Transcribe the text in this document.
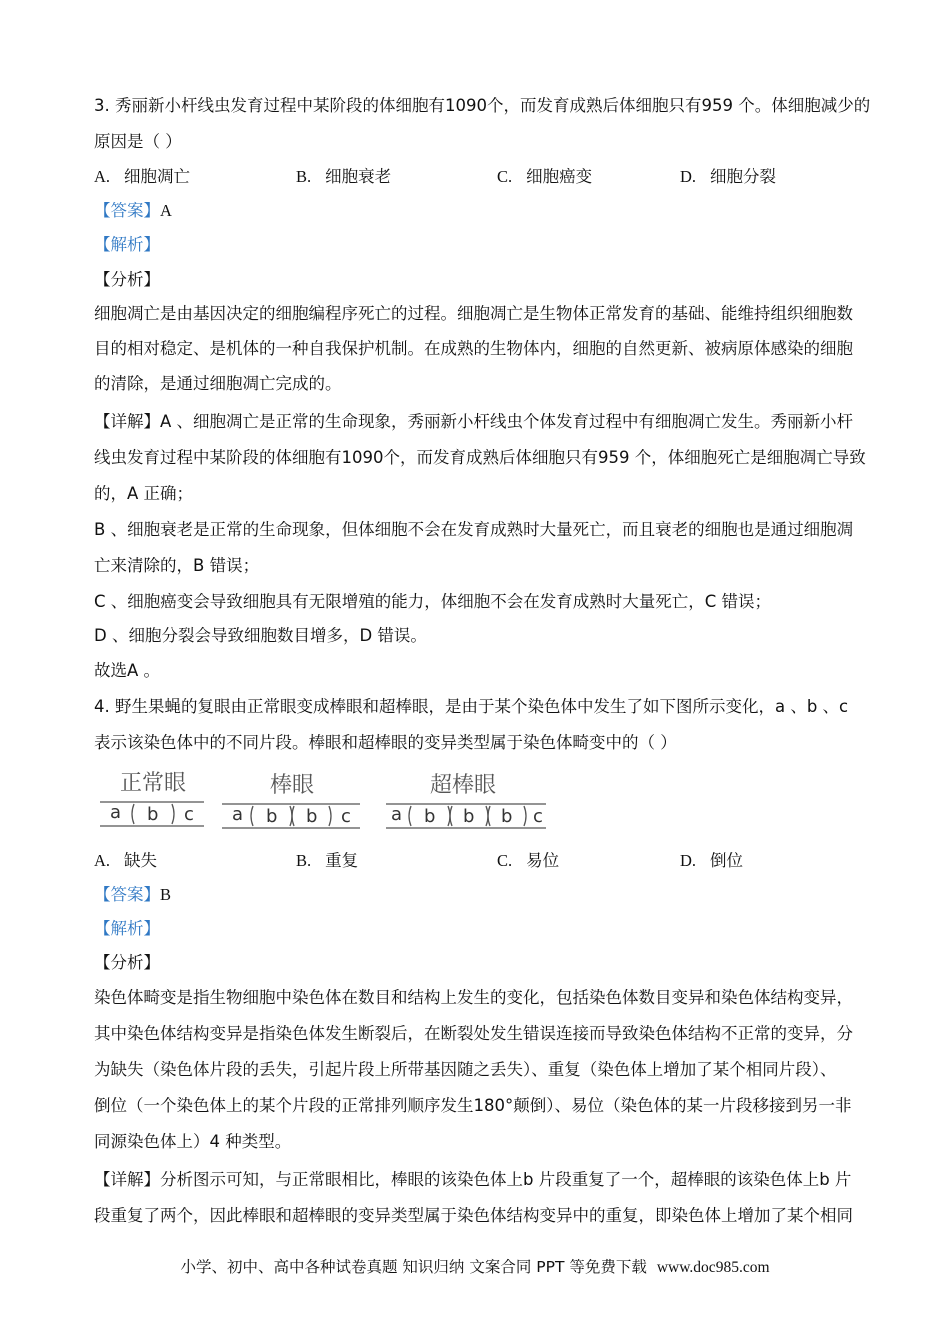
3. 秀丽新小杆线虫发育过程中某阶段的体细胞有1090个，而发育成熟后体细胞只有959 个。体细胞减少的
原因是（ ）
A. 细胞凋亡	B. 细胞衰老	C. 细胞癌变	D. 细胞分裂
【答案】A
【解析】
【分析】
细胞凋亡是由基因决定的细胞编程序死亡的过程。细胞凋亡是生物体正常发育的基础、能维持组织细胞数
目的相对稳定、是机体的一种自我保护机制。在成熟的生物体内，细胞的自然更新、被病原体感染的细胞
的清除，是通过细胞凋亡完成的。
【详解】A 、细胞凋亡是正常的生命现象，秀丽新小杆线虫个体发育过程中有细胞凋亡发生。秀丽新小杆
线虫发育过程中某阶段的体细胞有1090个，而发育成熟后体细胞只有959 个，体细胞死亡是细胞凋亡导致
的，A 正确；
B 、细胞衰老是正常的生命现象，但体细胞不会在发育成熟时大量死亡，而且衰老的细胞也是通过细胞凋
亡来清除的，B 错误；
C 、细胞癌变会导致细胞具有无限增殖的能力，体细胞不会在发育成熟时大量死亡，C 错误；
D 、细胞分裂会导致细胞数目增多，D 错误。
故选A 。
4. 野生果蝇的复眼由正常眼变成棒眼和超棒眼，是由于某个染色体中发生了如下图所示变化，a 、b 、c
表示该染色体中的不同片段。棒眼和超棒眼的变异类型属于染色体畸变中的（ ）
正常眼	棒眼	超棒眼
a b c a b b c a b b b c
A. 缺失	B. 重复	C. 易位	D. 倒位
【答案】B
【解析】
【分析】
染色体畸变是指生物细胞中染色体在数目和结构上发生的变化，包括染色体数目变异和染色体结构变异，
其中染色体结构变异是指染色体发生断裂后，在断裂处发生错误连接而导致染色体结构不正常的变异，分
为缺失（染色体片段的丢失，引起片段上所带基因随之丢失）、重复（染色体上增加了某个相同片段）、
倒位（一个染色体上的某个片段的正常排列顺序发生180°颠倒）、易位（染色体的某一片段移接到另一非
同源染色体上）4 种类型。
【详解】分析图示可知，与正常眼相比，棒眼的该染色体上b 片段重复了一个，超棒眼的该染色体上b 片
段重复了两个，因此棒眼和超棒眼的变异类型属于染色体结构变异中的重复，即染色体上增加了某个相同
小学、初中、高中各种试卷真题 知识归纳 文案合同 PPT 等免费下载 www.doc985.com
